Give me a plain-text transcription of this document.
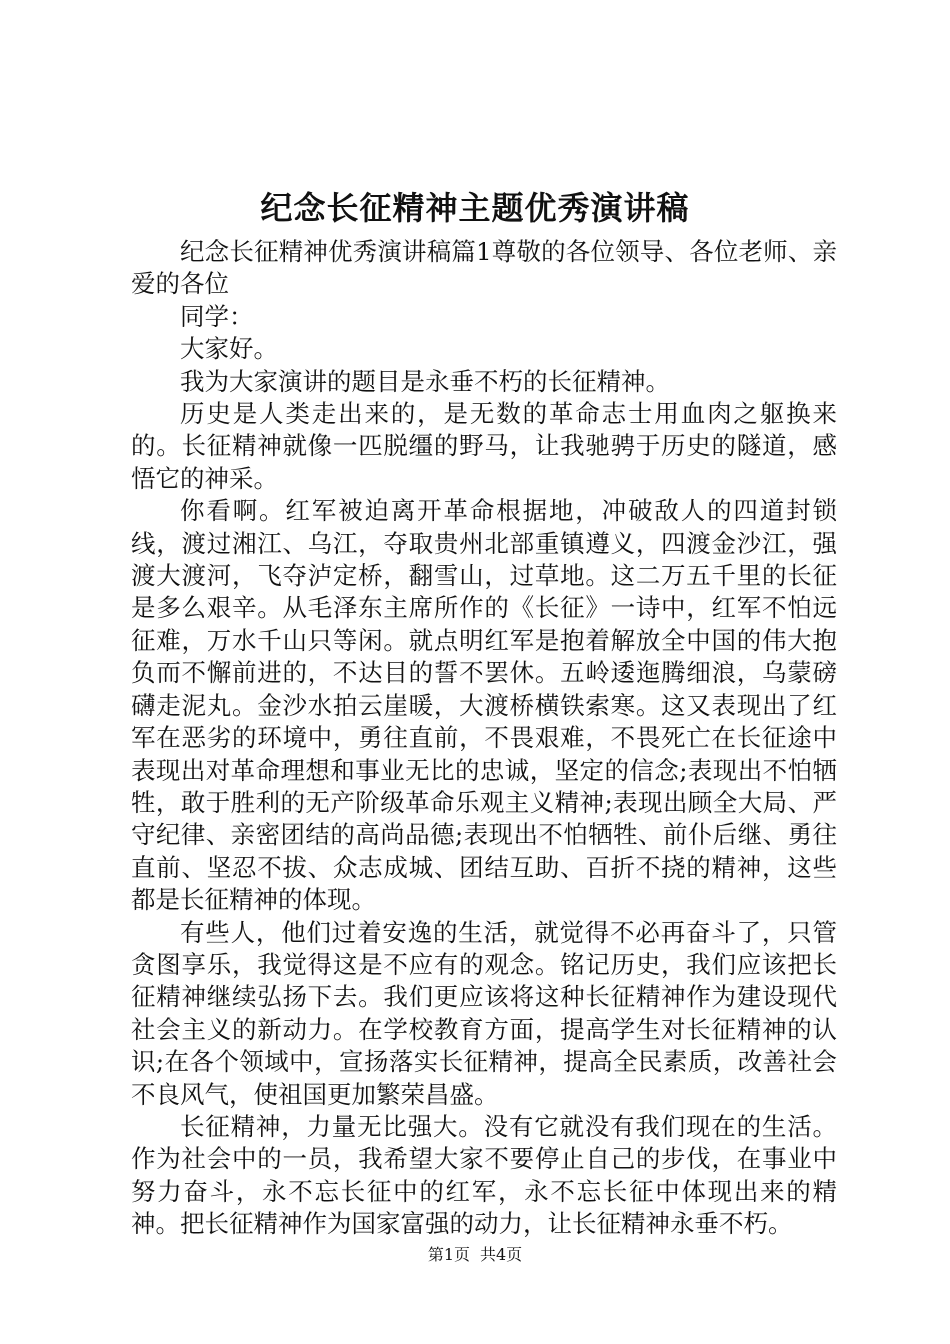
纪念长征精神主题优秀演讲稿

纪念长征精神优秀演讲稿篇1尊敬的各位领导、各位老师、亲爱的各位

同学：

大家好。

我为大家演讲的题目是永垂不朽的长征精神。

历史是人类走出来的，是无数的革命志士用血肉之躯换来的。长征精神就像一匹脱缰的野马，让我驰骋于历史的隧道，感悟它的神采。

你看啊。红军被迫离开革命根据地，冲破敌人的四道封锁线，渡过湘江、乌江，夺取贵州北部重镇遵义，四渡金沙江，强渡大渡河，飞夺泸定桥，翻雪山，过草地。这二万五千里的长征是多么艰辛。从毛泽东主席所作的《长征》一诗中，红军不怕远征难，万水千山只等闲。就点明红军是抱着解放全中国的伟大抱负而不懈前进的，不达目的誓不罢休。五岭逶迤腾细浪，乌蒙磅礴走泥丸。金沙水拍云崖暖，大渡桥横铁索寒。这又表现出了红军在恶劣的环境中，勇往直前，不畏艰难，不畏死亡在长征途中表现出对革命理想和事业无比的忠诚，坚定的信念;表现出不怕牺牲，敢于胜利的无产阶级革命乐观主义精神;表现出顾全大局、严守纪律、亲密团结的高尚品德;表现出不怕牺牲、前仆后继、勇往直前、坚忍不拔、众志成城、团结互助、百折不挠的精神，这些都是长征精神的体现。

有些人，他们过着安逸的生活，就觉得不必再奋斗了，只管贪图享乐，我觉得这是不应有的观念。铭记历史，我们应该把长征精神继续弘扬下去。我们更应该将这种长征精神作为建设现代社会主义的新动力。在学校教育方面，提高学生对长征精神的认识;在各个领域中，宣扬落实长征精神，提高全民素质，改善社会不良风气，使祖国更加繁荣昌盛。

长征精神，力量无比强大。没有它就没有我们现在的生活。作为社会中的一员，我希望大家不要停止自己的步伐，在事业中努力奋斗，永不忘长征中的红军，永不忘长征中体现出来的精神。把长征精神作为国家富强的动力，让长征精神永垂不朽。

第1页 共4页
